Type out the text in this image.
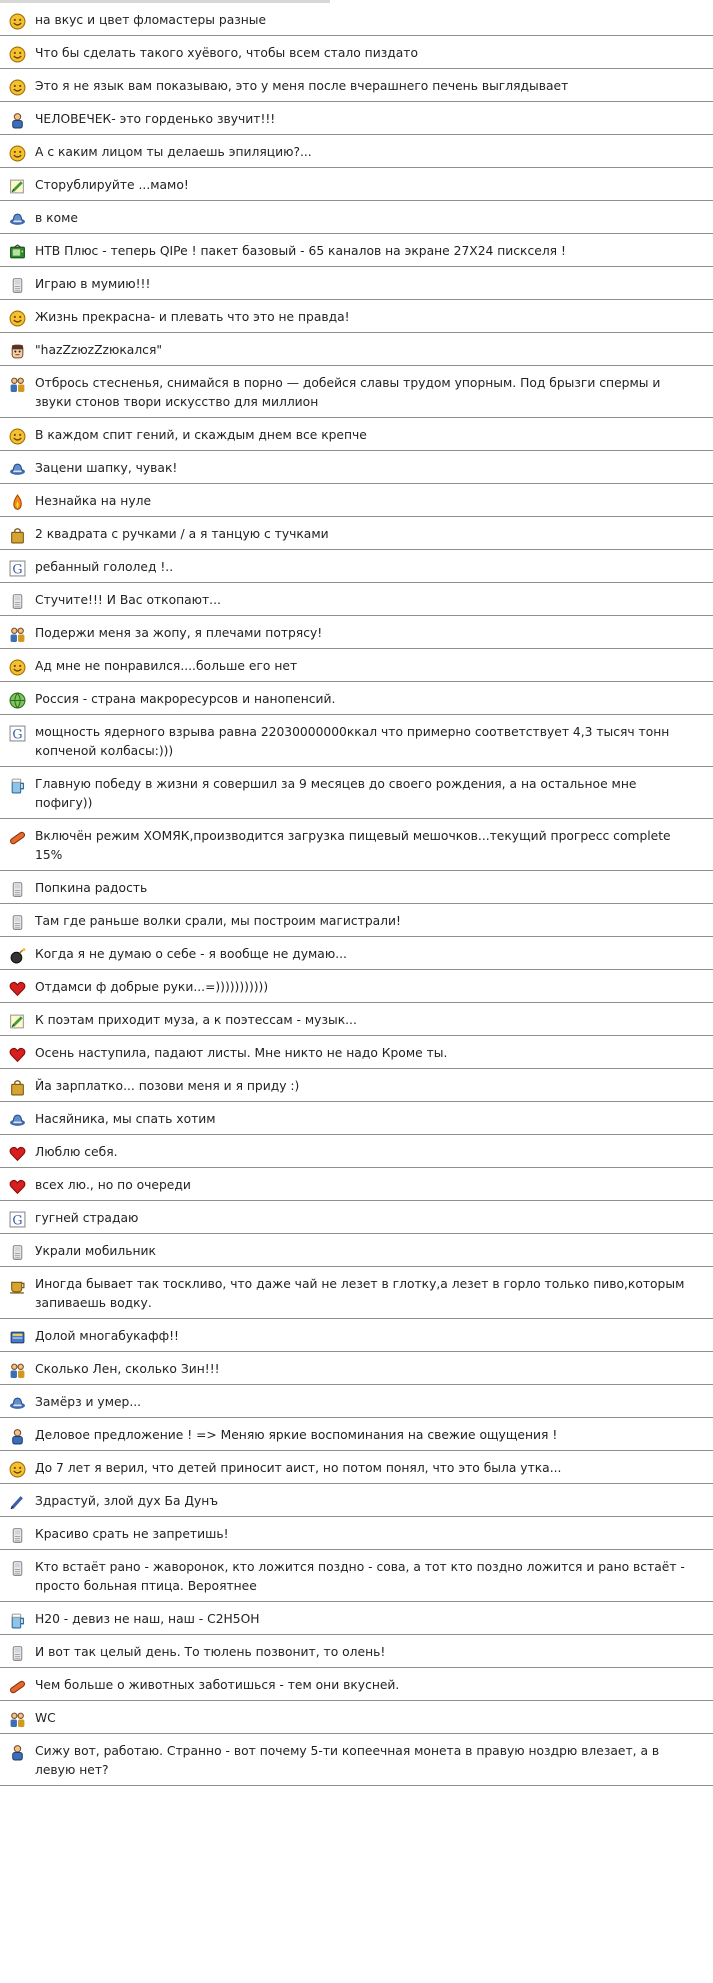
на вкус и цвет фломастеры разные
Что бы сделать такого хуёвого, чтобы всем стало пиздато
Это я не язык вам показываю, это у меня после вчерашнего печень выглядывает
ЧЕЛОВЕЧЕК- это горденько звучит!!!
А с каким лицом ты делаешь эпиляцию?...
Сторублируйте ...мамо!
в коме
НТВ Плюс - теперь QIPe ! пакет базовый - 65 каналов на экране 27X24 пискселя !
Играю в мумию!!!
Жизнь прекрасна- и плевать что это не правда!
"hazZzюzZzюкался"
Отбрось стесненья, снимайся в порно — добейся славы трудом упорным. Под брызги спермы и звуки стонов твори искусство для миллион
В каждом спит гений, и скаждым днем все крепче
Зацени шапку, чувак!
Незнайка на нуле
2 квадрата с ручками / а я танцую с тучками
G ребанный гололед !..
Стучите!!! И Вас откопают...
Подержи меня за жопу, я плечами потрясу!
Ад мне не понравился....больше его нет
Россия - страна макроресурсов и нанопенсий.
G мощность ядерного взрыва равна 22030000000ккал что примерно соответствует 4,3 тысяч тонн копченой колбасы:)))
Главную победу в жизни я совершил за 9 месяцев до своего рождения, а на остальное мне пофигу))
Включён режим ХОМЯК,производится загрузка пищевый мешочков...текущий прогресс complete 15%
Попкина радость
Там где раньше волки срали, мы построим магистрали!
Когда я не думаю о себе - я вообще не думаю...
Отдамси ф добрые руки...=)))))))))))
К поэтам приходит муза, а к поэтессам - музык...
Осень наступила, падают листы. Мне никто не надо Кроме ты.
Йа зарплатко... позови меня и я приду :)
Насяйника, мы спать хотим
Люблю себя.
всех лю., но по очереди
G гугней страдаю
Украли мобильник
Иногда бывает так тоскливо, что даже чай не лезет в глотку,а лезет в горло только пиво,которым запиваешь водку.
Долой многабукафф!!
Сколько Лен, сколько Зин!!!
Замёрз и умер...
Деловое предложение ! => Меняю яркие воспоминания на свежие ощущения !
До 7 лет я верил, что детей приносит аист, но потом понял, что это была утка...
Здрастуй, злой дух Ба Дунъ
Красиво срать не запретишь!
Кто встаёт рано - жаворонок, кто ложится поздно - сова, а тот кто поздно ложится и рано встаёт - просто больная птица. Вероятнее
H20 - девиз не наш, наш - С2Н5ОН
И вот так целый день. То тюлень позвонит, то олень!
Чем больше о животных заботишься - тем они вкусней.
WC
Сижу вот, работаю. Странно - вот почему 5-ти копеечная монета в правую ноздрю влезает, а в левую нет?
